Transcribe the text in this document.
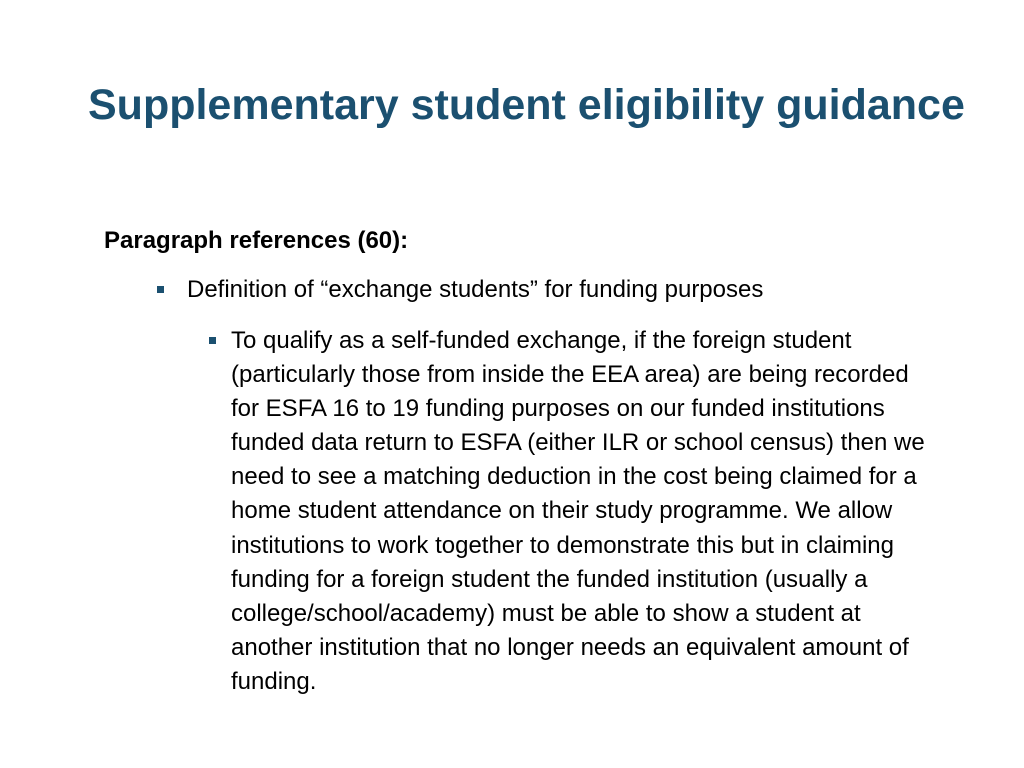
Supplementary student eligibility guidance
Paragraph references (60):
Definition of “exchange students” for funding purposes
To qualify as a self-funded exchange, if the foreign student (particularly those from inside the EEA area) are being recorded for ESFA 16 to 19 funding purposes on our funded institutions funded data return to ESFA (either ILR or school census) then we need to see a matching deduction in the cost being claimed for a home student attendance on their study programme. We allow institutions to work together to demonstrate this but in claiming funding for a foreign student the funded institution (usually a college/school/academy) must be able to show a student at another institution that no longer needs an equivalent amount of funding.
